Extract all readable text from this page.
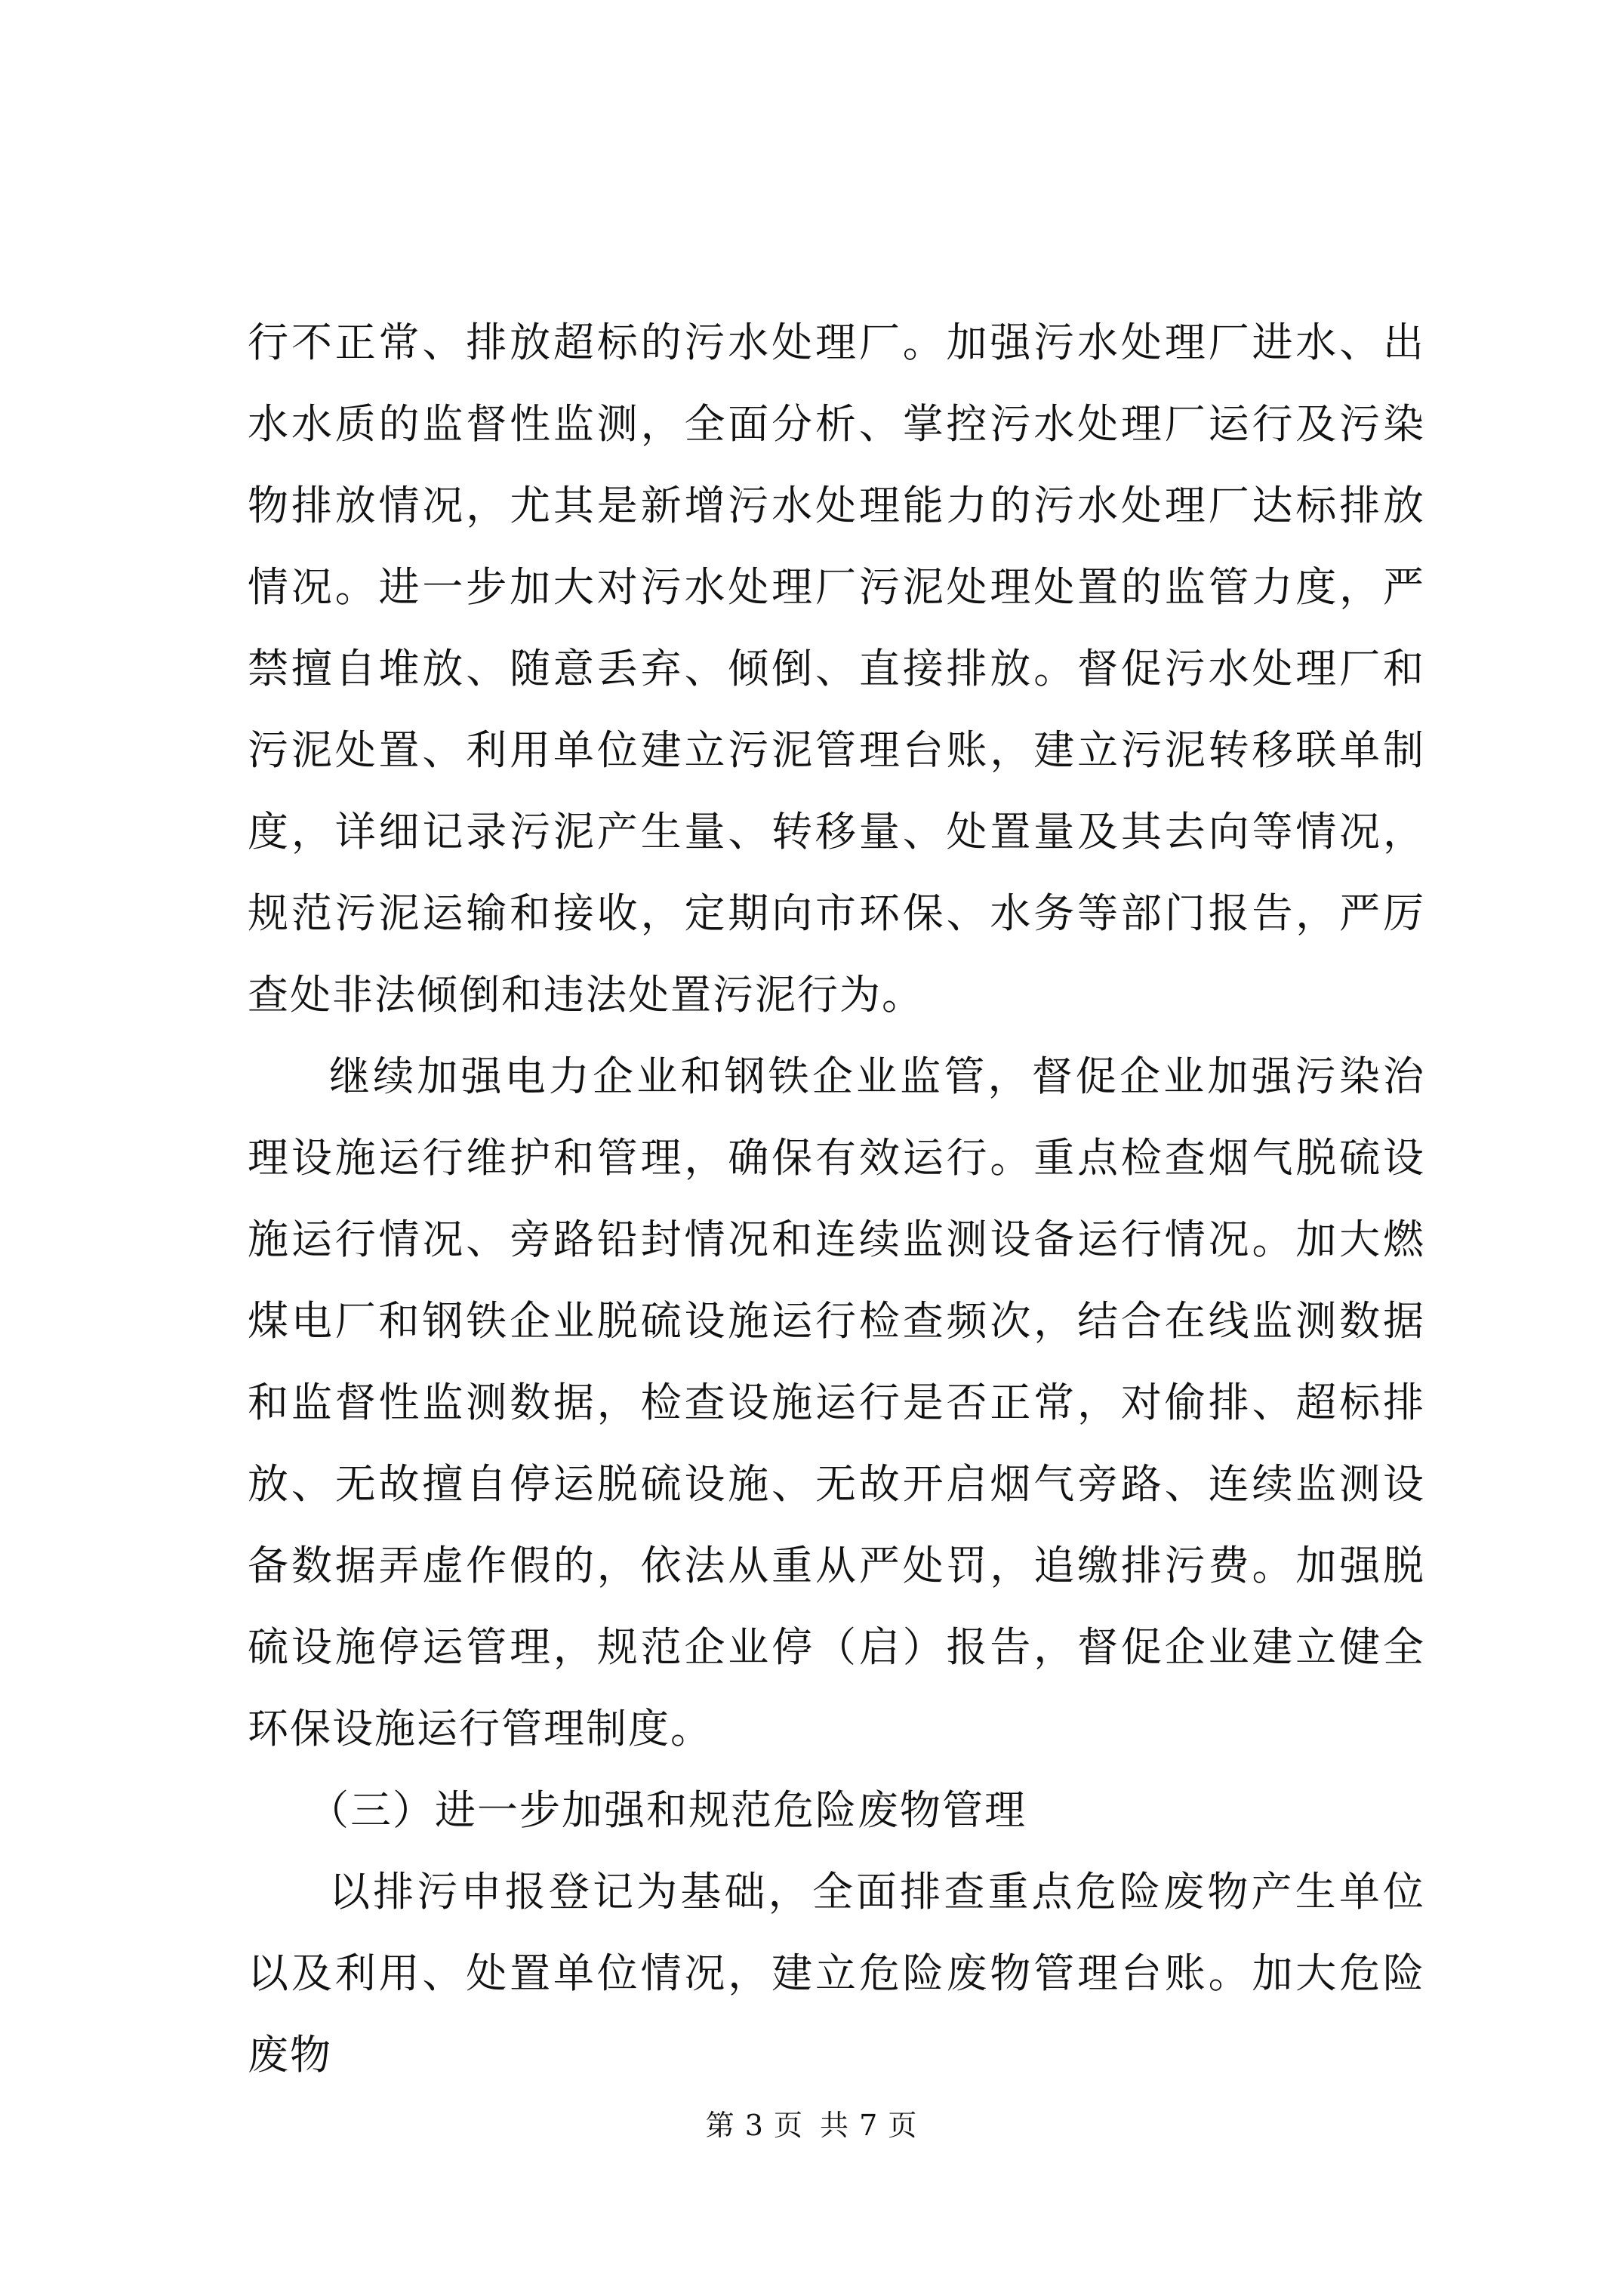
行不正常、排放超标的污水处理厂。加强污水处理厂进水、出水水质的监督性监测，全面分析、掌控污水处理厂运行及污染物排放情况，尤其是新增污水处理能力的污水处理厂达标排放情况。进一步加大对污水处理厂污泥处理处置的监管力度，严禁擅自堆放、随意丢弃、倾倒、直接排放。督促污水处理厂和污泥处置、利用单位建立污泥管理台账，建立污泥转移联单制度，详细记录污泥产生量、转移量、处置量及其去向等情况，规范污泥运输和接收，定期向市环保、水务等部门报告，严厉查处非法倾倒和违法处置污泥行为。

继续加强电力企业和钢铁企业监管，督促企业加强污染治理设施运行维护和管理，确保有效运行。重点检查烟气脱硫设施运行情况、旁路铅封情况和连续监测设备运行情况。加大燃煤电厂和钢铁企业脱硫设施运行检查频次，结合在线监测数据和监督性监测数据，检查设施运行是否正常，对偷排、超标排放、无故擅自停运脱硫设施、无故开启烟气旁路、连续监测设备数据弄虚作假的，依法从重从严处罚，追缴排污费。加强脱硫设施停运管理，规范企业停（启）报告，督促企业建立健全环保设施运行管理制度。

（三）进一步加强和规范危险废物管理

以排污申报登记为基础，全面排查重点危险废物产生单位以及利用、处置单位情况，建立危险废物管理台账。加大危险废物

第 3 页 共 7 页
